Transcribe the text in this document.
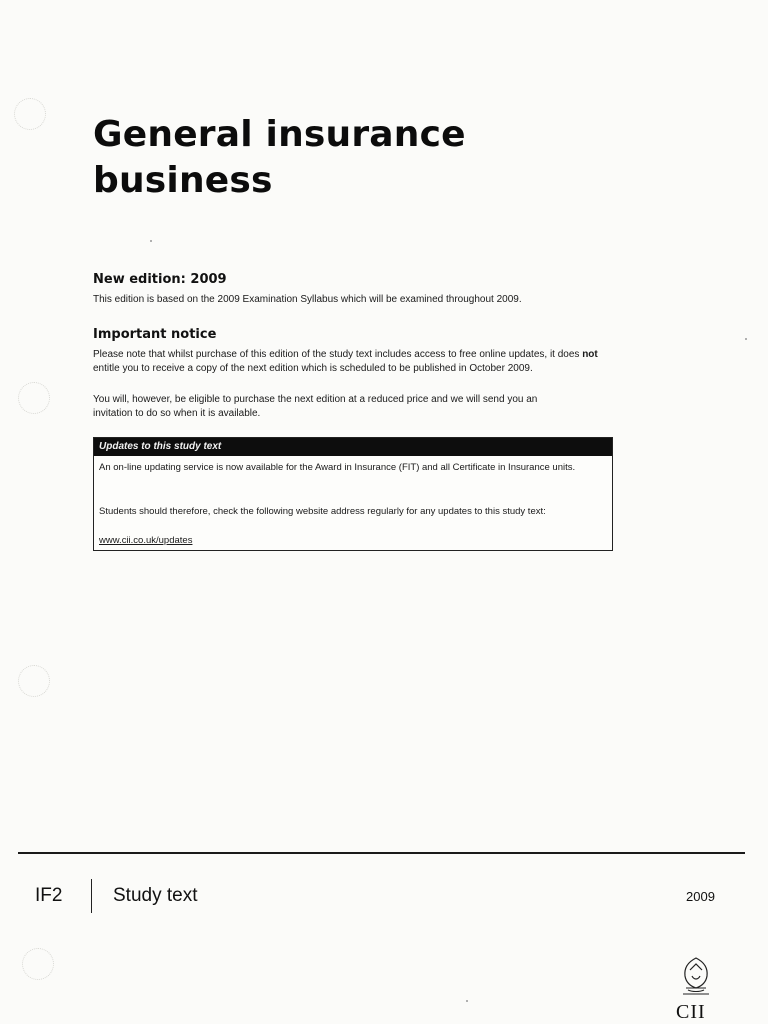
General insurance
business
New edition: 2009
This edition is based on the 2009 Examination Syllabus which will be examined throughout 2009.
Important notice
Please note that whilst purchase of this edition of the study text includes access to free online updates, it does not entitle you to receive a copy of the next edition which is scheduled to be published in October 2009.
You will, however, be eligible to purchase the next edition at a reduced price and we will send you an invitation to do so when it is available.
Updates to this study text
An on-line updating service is now available for the Award in Insurance (FIT) and all Certificate in Insurance units.
Students should therefore, check the following website address regularly for any updates to this study text:
www.cii.co.uk/updates
IF2	Study text	2009
CII
